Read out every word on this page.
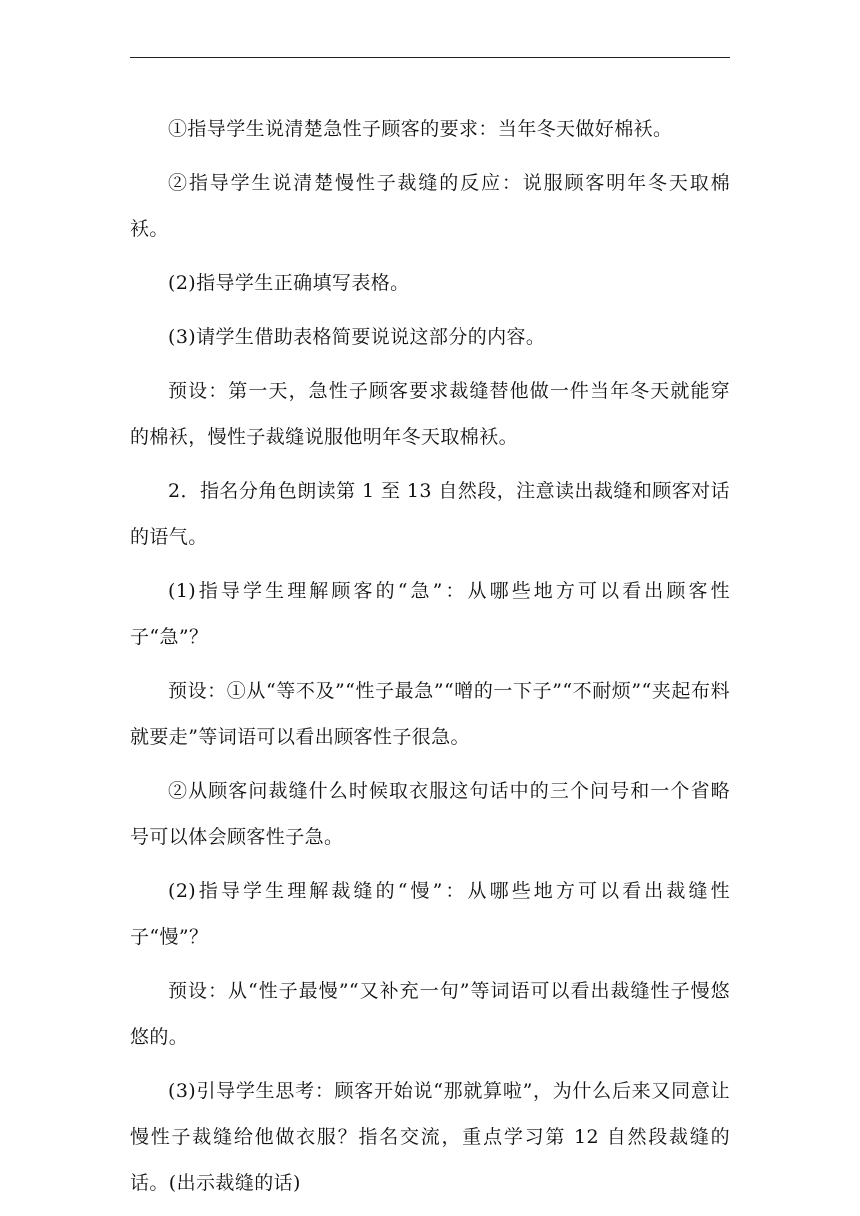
①指导学生说清楚急性子顾客的要求：当年冬天做好棉袄。

②指导学生说清楚慢性子裁缝的反应：说服顾客明年冬天取棉袄。

(2)指导学生正确填写表格。

(3)请学生借助表格简要说说这部分的内容。

预设：第一天，急性子顾客要求裁缝替他做一件当年冬天就能穿的棉袄，慢性子裁缝说服他明年冬天取棉袄。

2．指名分角色朗读第 1 至 13 自然段，注意读出裁缝和顾客对话的语气。

(1)指导学生理解顾客的“急”：从哪些地方可以看出顾客性子“急”？

预设：①从“等不及”“性子最急”“噌的一下子”“不耐烦”“夹起布料就要走”等词语可以看出顾客性子很急。

②从顾客问裁缝什么时候取衣服这句话中的三个问号和一个省略号可以体会顾客性子急。

(2)指导学生理解裁缝的“慢”：从哪些地方可以看出裁缝性子“慢”？

预设：从“性子最慢”“又补充一句”等词语可以看出裁缝性子慢悠悠的。

(3)引导学生思考：顾客开始说“那就算啦”，为什么后来又同意让慢性子裁缝给他做衣服？指名交流，重点学习第 12 自然段裁缝的话。(出示裁缝的话)
